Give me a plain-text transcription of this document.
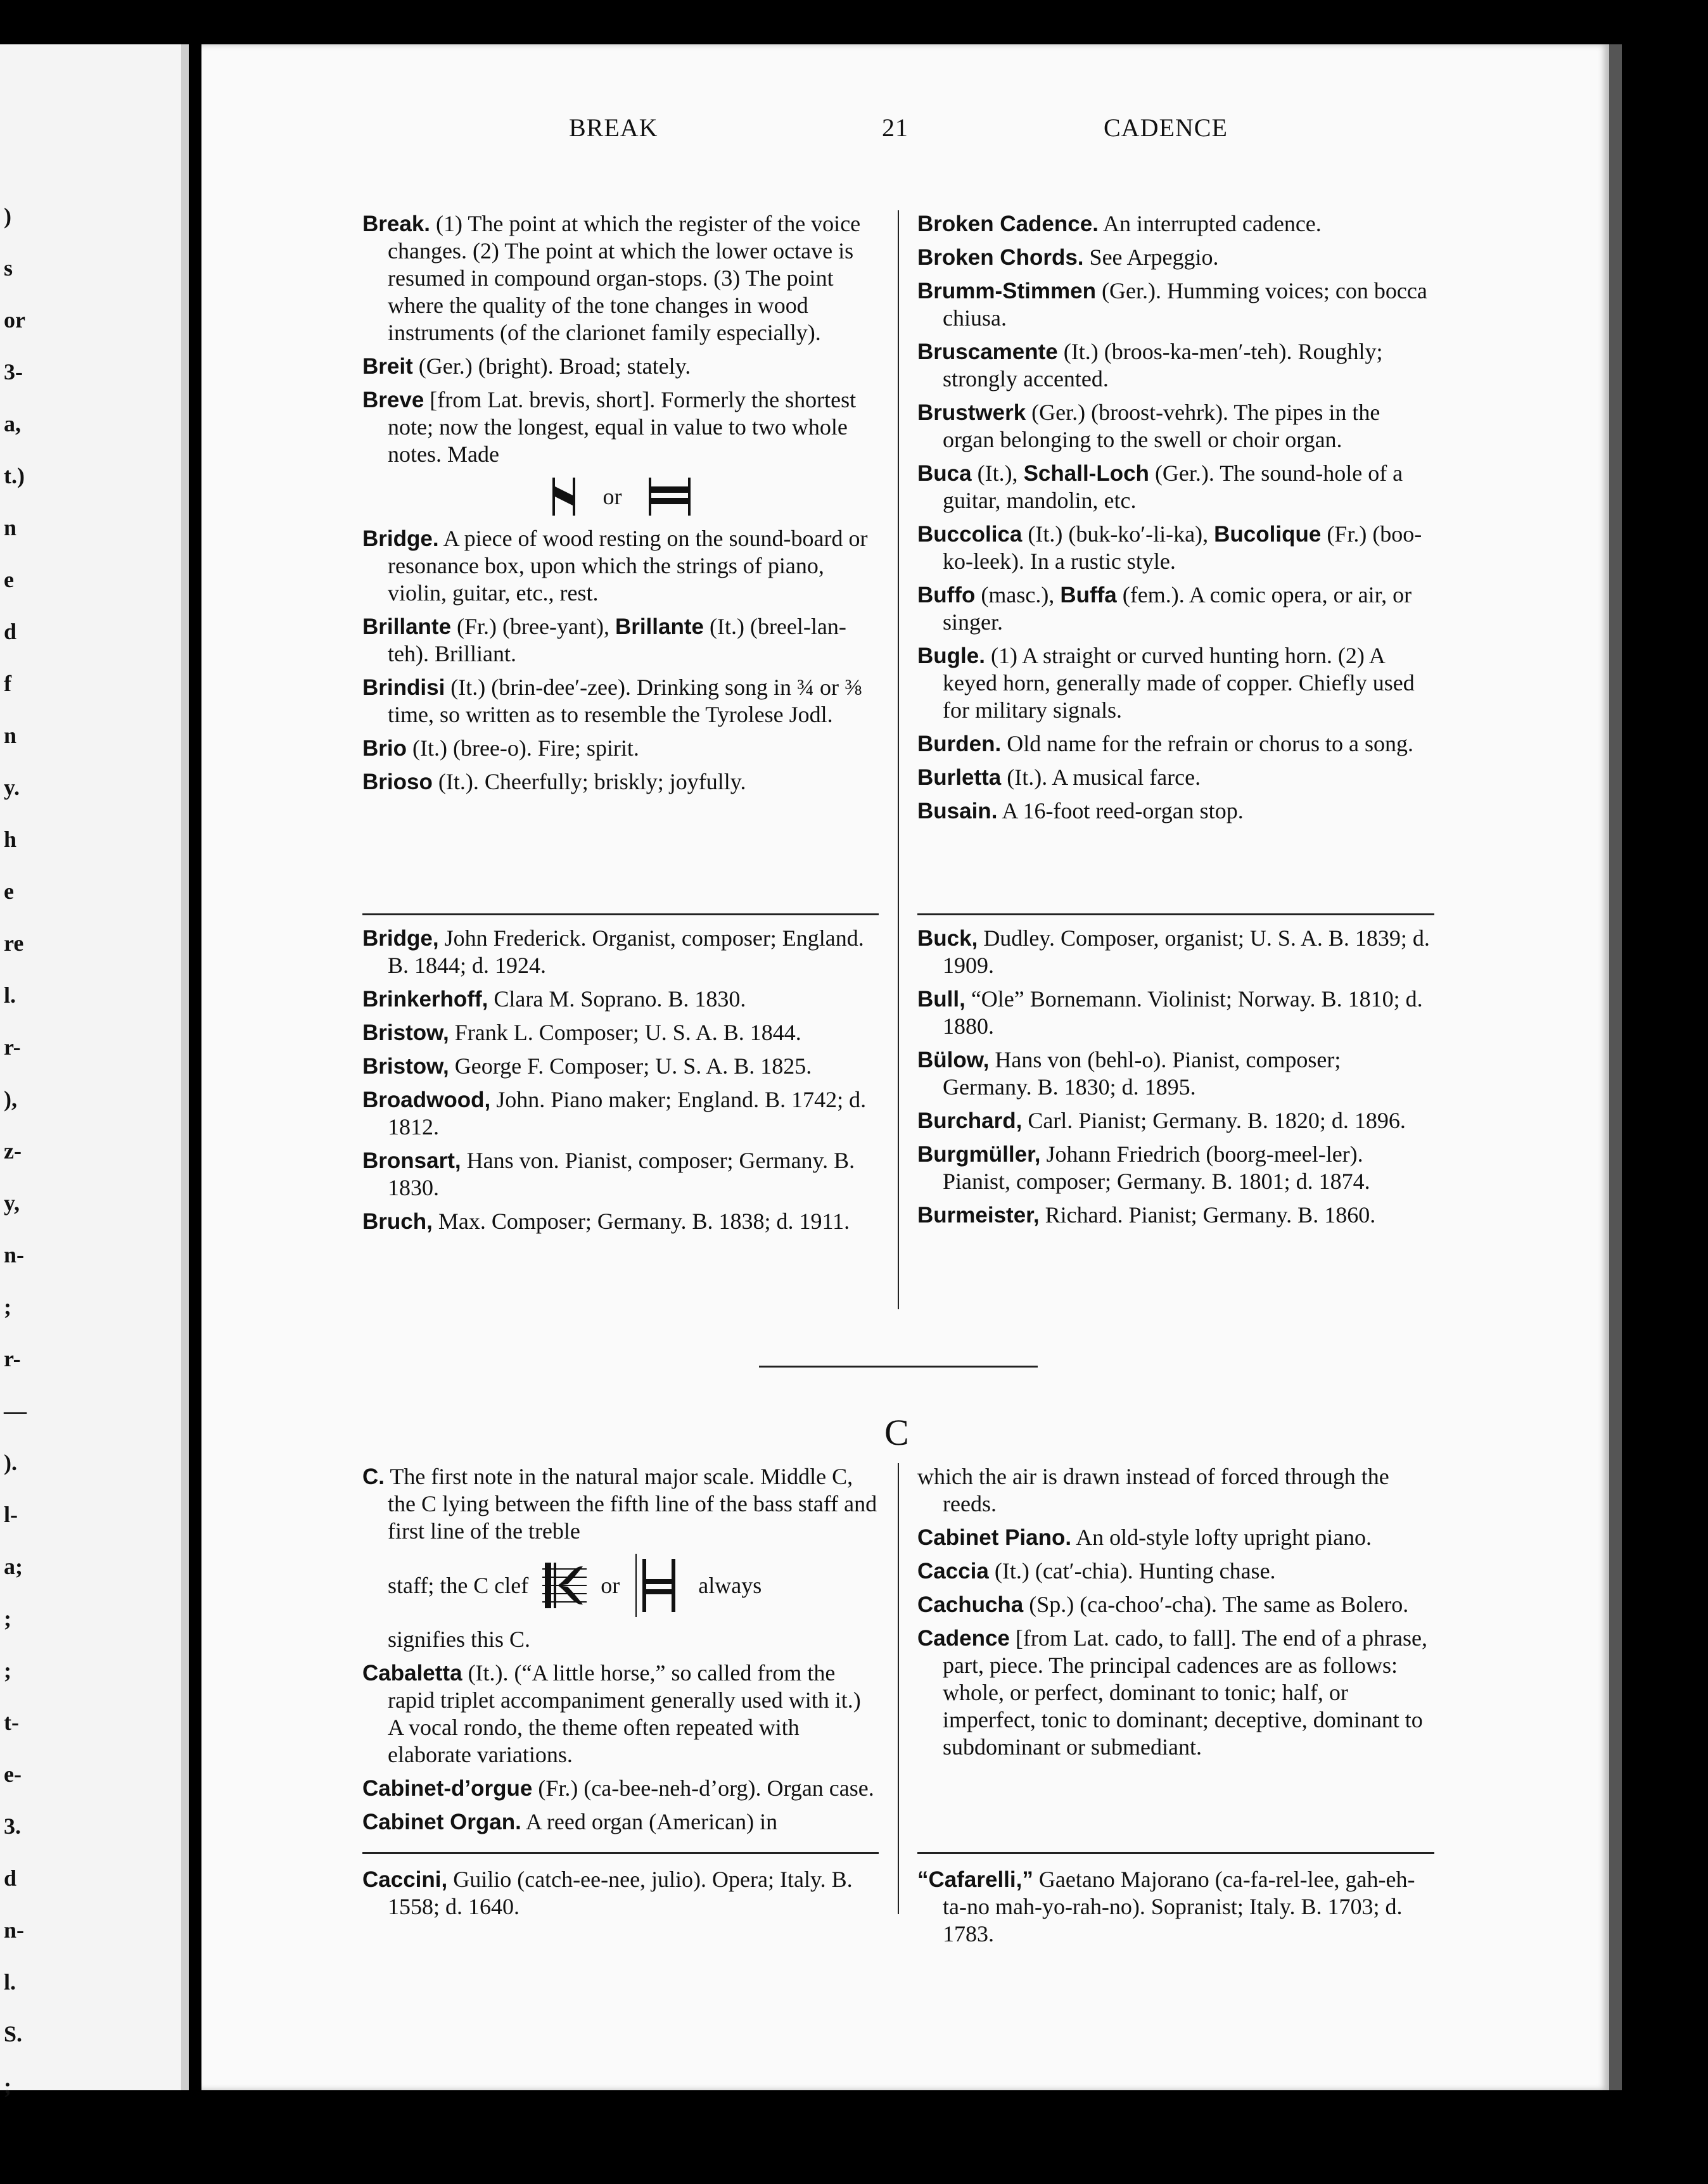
)
s
or
3-
a,
t.)
n
e
d
f
n
y.
h
e
re
l.
r-
),
z-
y,
n-
;
r-
—
).
l-
a;
;
;
t-
e-
3.
d
n-
l.
S.
;
BREAK	21	CADENCE

Break. (1) The point at which the register of the voice changes. (2) The point at which the lower octave is resumed in compound organ-stops. (3) The point where the quality of the tone changes in wood instruments (of the clarionet family especially).

Breit (Ger.) (bright). Broad; stately.

Breve [from Lat. brevis, short]. Formerly the shortest note; now the longest, equal in value to two whole notes. Made

or

Bridge. A piece of wood resting on the sound-board or resonance box, upon which the strings of piano, violin, guitar, etc., rest.

Brillante (Fr.) (bree-yant), Brillante (It.) (breel-lan-teh). Brilliant.

Brindisi (It.) (brin-dee′-zee). Drinking song in ¾ or ⅜ time, so written as to resemble the Tyrolese Jodl.

Brio (It.) (bree-o). Fire; spirit.

Brioso (It.). Cheerfully; briskly; joyfully.

Broken Cadence. An interrupted cadence.

Broken Chords. See Arpeggio.

Brumm-Stimmen (Ger.). Humming voices; con bocca chiusa.

Bruscamente (It.) (broos-ka-men′-teh). Roughly; strongly accented.

Brustwerk (Ger.) (broost-vehrk). The pipes in the organ belonging to the swell or choir organ.

Buca (It.), Schall-Loch (Ger.). The sound-hole of a guitar, mandolin, etc.

Buccolica (It.) (buk-ko′-li-ka), Bucolique (Fr.) (boo-ko-leek). In a rustic style.

Buffo (masc.), Buffa (fem.). A comic opera, or air, or singer.

Bugle. (1) A straight or curved hunting horn. (2) A keyed horn, generally made of copper. Chiefly used for military signals.

Burden. Old name for the refrain or chorus to a song.

Burletta (It.). A musical farce.

Busain. A 16-foot reed-organ stop.

Bridge, John Frederick. Organist, composer; England. B. 1844; d. 1924.

Brinkerhoff, Clara M. Soprano. B. 1830.

Bristow, Frank L. Composer; U. S. A. B. 1844.

Bristow, George F. Composer; U. S. A. B. 1825.

Broadwood, John. Piano maker; England. B. 1742; d. 1812.

Bronsart, Hans von. Pianist, composer; Germany. B. 1830.

Bruch, Max. Composer; Germany. B. 1838; d. 1911.

Buck, Dudley. Composer, organist; U. S. A. B. 1839; d. 1909.

Bull, “Ole” Bornemann. Violinist; Norway. B. 1810; d. 1880.

Bülow, Hans von (behl-o). Pianist, composer; Germany. B. 1830; d. 1895.

Burchard, Carl. Pianist; Germany. B. 1820; d. 1896.

Burgmüller, Johann Friedrich (boorg-meel-ler). Pianist, composer; Germany. B. 1801; d. 1874.

Burmeister, Richard. Pianist; Germany. B. 1860.

C

C. The first note in the natural major scale. Middle C, the C lying between the fifth line of the bass staff and first line of the treble

staff; the C clef	or	always

signifies this C.

Cabaletta (It.). (“A little horse,” so called from the rapid triplet accompaniment generally used with it.) A vocal rondo, the theme often repeated with elaborate variations.

Cabinet-d’orgue (Fr.) (ca-bee-neh-d’org). Organ case.

Cabinet Organ. A reed organ (American) in

which the air is drawn instead of forced through the reeds.

Cabinet Piano. An old-style lofty upright piano.

Caccia (It.) (cat′-chia). Hunting chase.

Cachucha (Sp.) (ca-choo′-cha). The same as Bolero.

Cadence [from Lat. cado, to fall]. The end of a phrase, part, piece. The principal cadences are as follows: whole, or perfect, dominant to tonic; half, or imperfect, tonic to dominant; deceptive, dominant to subdominant or submediant.

Caccini, Guilio (catch-ee-nee, julio). Opera; Italy. B. 1558; d. 1640.

“Cafarelli,” Gaetano Majorano (ca-fa-rel-lee, gah-eh-ta-no mah-yo-rah-no). Sopranist; Italy. B. 1703; d. 1783.
